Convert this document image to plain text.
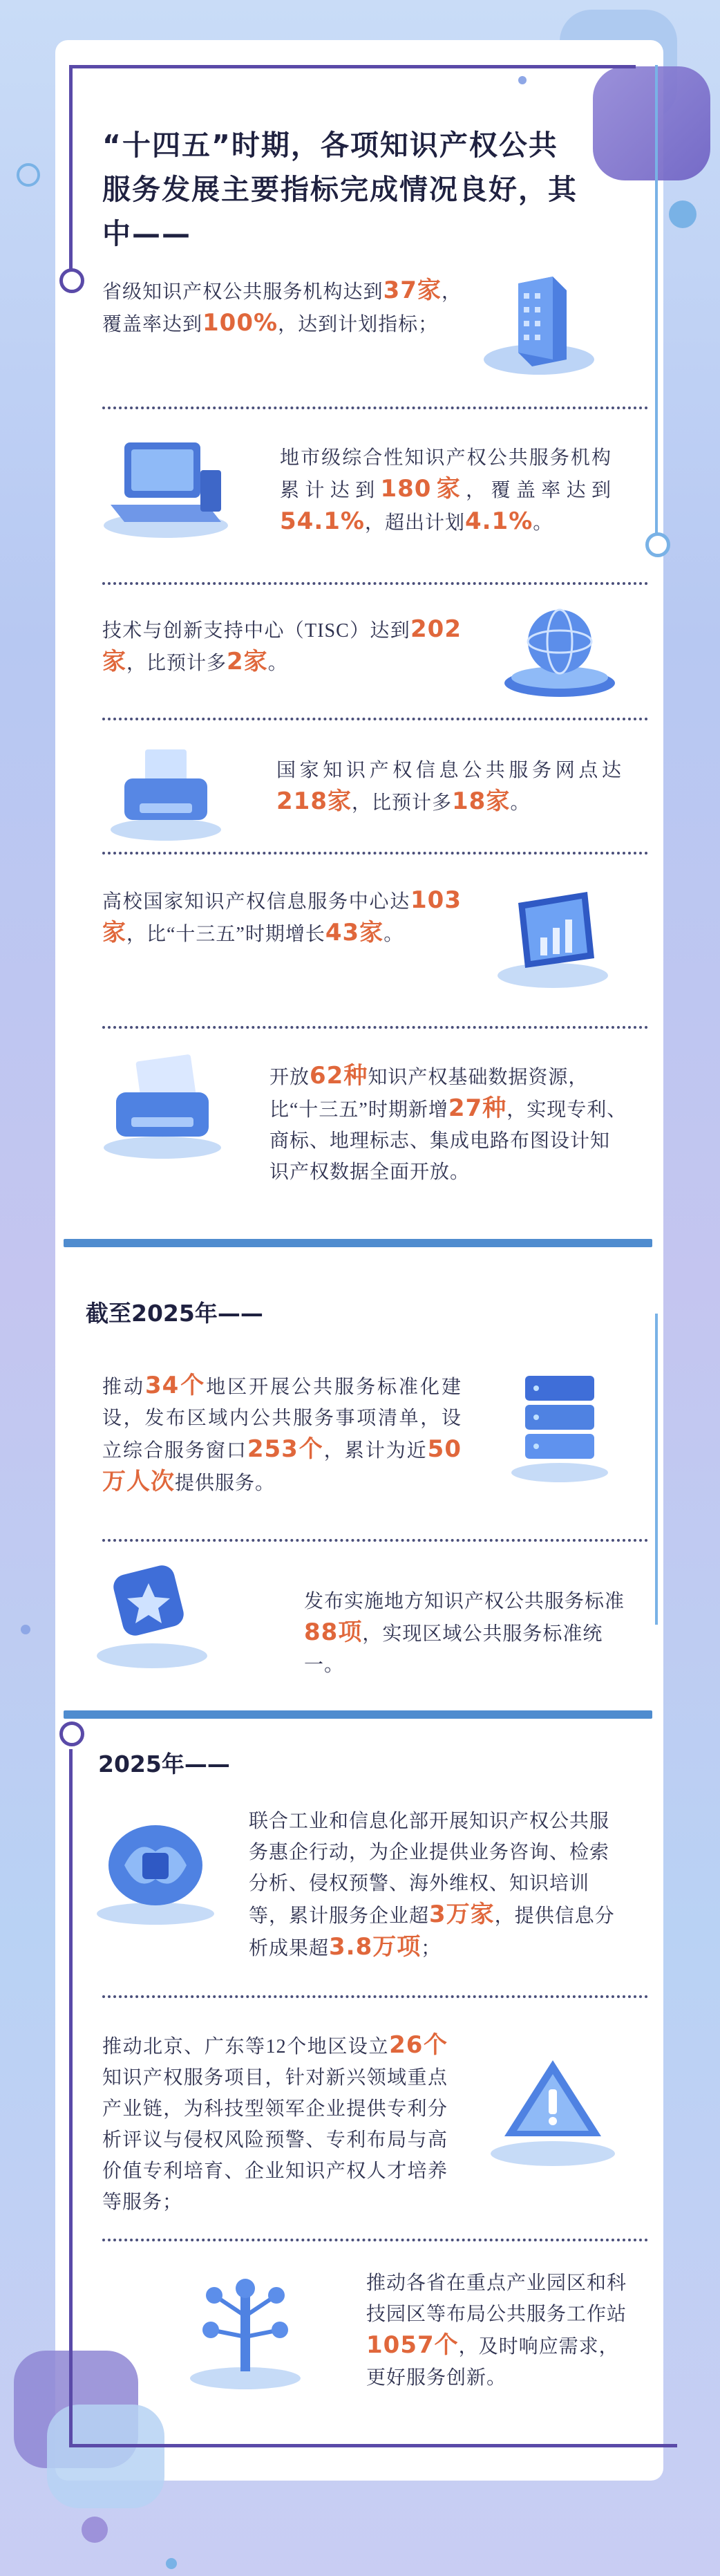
“十四五”时期，各项知识产权公共服务发展主要指标完成情况良好，其中——
省级知识产权公共服务机构达到37家，覆盖率达到100%，达到计划指标；
地市级综合性知识产权公共服务机构累计达到180家，覆盖率达到54.1%，超出计划4.1%。
技术与创新支持中心（TISC）达到202家，比预计多2家。
国家知识产权信息公共服务网点达218家，比预计多18家。
高校国家知识产权信息服务中心达103家，比“十三五”时期增长43家。
开放62种知识产权基础数据资源，比“十三五”时期新增27种，实现专利、商标、地理标志、集成电路布图设计知识产权数据全面开放。
截至2025年——
推动34个地区开展公共服务标准化建设，发布区域内公共服务事项清单，设立综合服务窗口253个，累计为近50万人次提供服务。
发布实施地方知识产权公共服务标准88项，实现区域公共服务标准统一。
2025年——
联合工业和信息化部开展知识产权公共服务惠企行动，为企业提供业务咨询、检索分析、侵权预警、海外维权、知识培训等，累计服务企业超3万家，提供信息分析成果超3.8万项；
推动北京、广东等12个地区设立26个知识产权服务项目，针对新兴领域重点产业链，为科技型领军企业提供专利分析评议与侵权风险预警、专利布局与高价值专利培育、企业知识产权人才培养等服务；
推动各省在重点产业园区和科技园区等布局公共服务工作站1057个，及时响应需求，更好服务创新。
